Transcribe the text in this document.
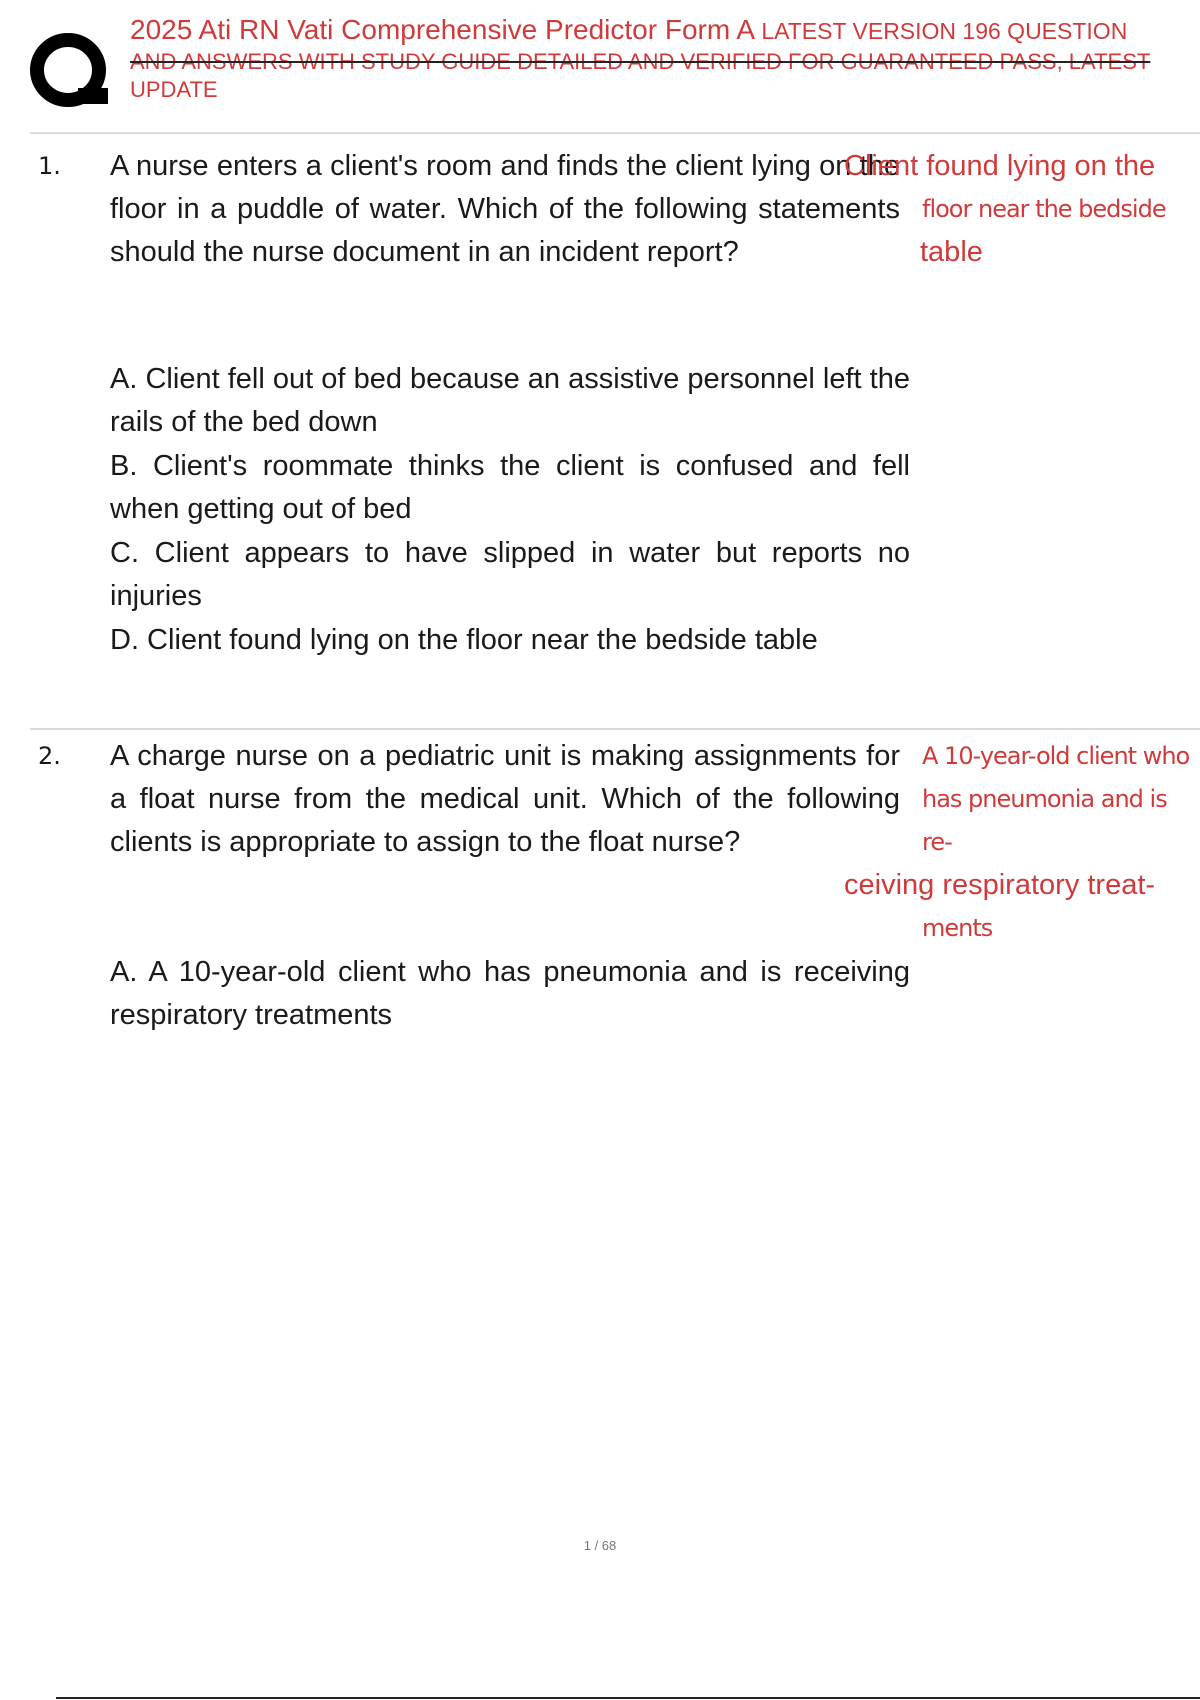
2025 Ati RN Vati Comprehensive Predictor Form A LATEST VERSION 196 QUESTION
AND ANSWERS WITH STUDY GUIDE DETAILED AND VERIFIED FOR GUARANTEED PASS, LATEST
UPDATE
1. A nurse enters a client's room and finds the client lying on the floor in a puddle of water. Which of the following statements should the nurse document in an incident report?
Client found lying on the
floor near the bedside
table
A. Client fell out of bed because an assistive personnel left the rails of the bed down
B. Client's roommate thinks the client is confused and fell when getting out of bed
C. Client appears to have slipped in water but reports no injuries
D. Client found lying on the floor near the bedside table
2. A charge nurse on a pediatric unit is making assignments for a float nurse from the medical unit. Which of the following clients is appropriate to assign to the float nurse?
A 10-year-old client who
has pneumonia and is re-
ceiving respiratory treat-
ments
A. A 10-year-old client who has pneumonia and is receiving respiratory treatments
1 / 68
